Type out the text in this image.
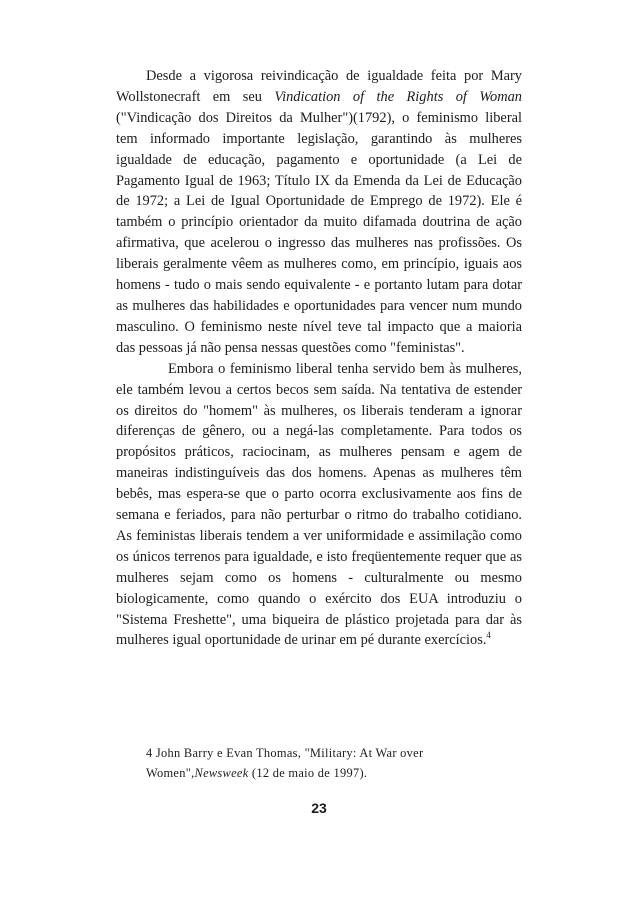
Desde a vigorosa reivindicação de igualdade feita por Mary Wollstonecraft em seu Vindication of the Rights of Woman ("Vindicação dos Direitos da Mulher")(1792), o feminismo liberal tem informado importante legislação, garantindo às mulheres igualdade de educação, pagamento e oportunidade (a Lei de Pagamento Igual de 1963; Título IX da Emenda da Lei de Educação de 1972; a Lei de Igual Oportunidade de Emprego de 1972). Ele é também o princípio orientador da muito difamada doutrina de ação afirmativa, que acelerou o ingresso das mulheres nas profissões. Os liberais geralmente vêem as mulheres como, em princípio, iguais aos homens - tudo o mais sendo equivalente - e portanto lutam para dotar as mulheres das habilidades e oportunidades para vencer num mundo masculino. O feminismo neste nível teve tal impacto que a maioria das pessoas já não pensa nessas questões como "feministas".

Embora o feminismo liberal tenha servido bem às mulheres, ele também levou a certos becos sem saída. Na tentativa de estender os direitos do "homem" às mulheres, os liberais tenderam a ignorar diferenças de gênero, ou a negá-las completamente. Para todos os propósitos práticos, raciocinam, as mulheres pensam e agem de maneiras indistinguíveis das dos homens. Apenas as mulheres têm bebês, mas espera-se que o parto ocorra exclusivamente aos fins de semana e feriados, para não perturbar o ritmo do trabalho cotidiano. As feministas liberais tendem a ver uniformidade e assimilação como os únicos terrenos para igualdade, e isto freqüentemente requer que as mulheres sejam como os homens - culturalmente ou mesmo biologicamente, como quando o exército dos EUA introduziu o "Sistema Freshette", uma biqueira de plástico projetada para dar às mulheres igual oportunidade de urinar em pé durante exercícios.$^4$

4 John Barry e Evan Thomas, "Military: At War over Women",Newsweek (12 de maio de 1997).
23
